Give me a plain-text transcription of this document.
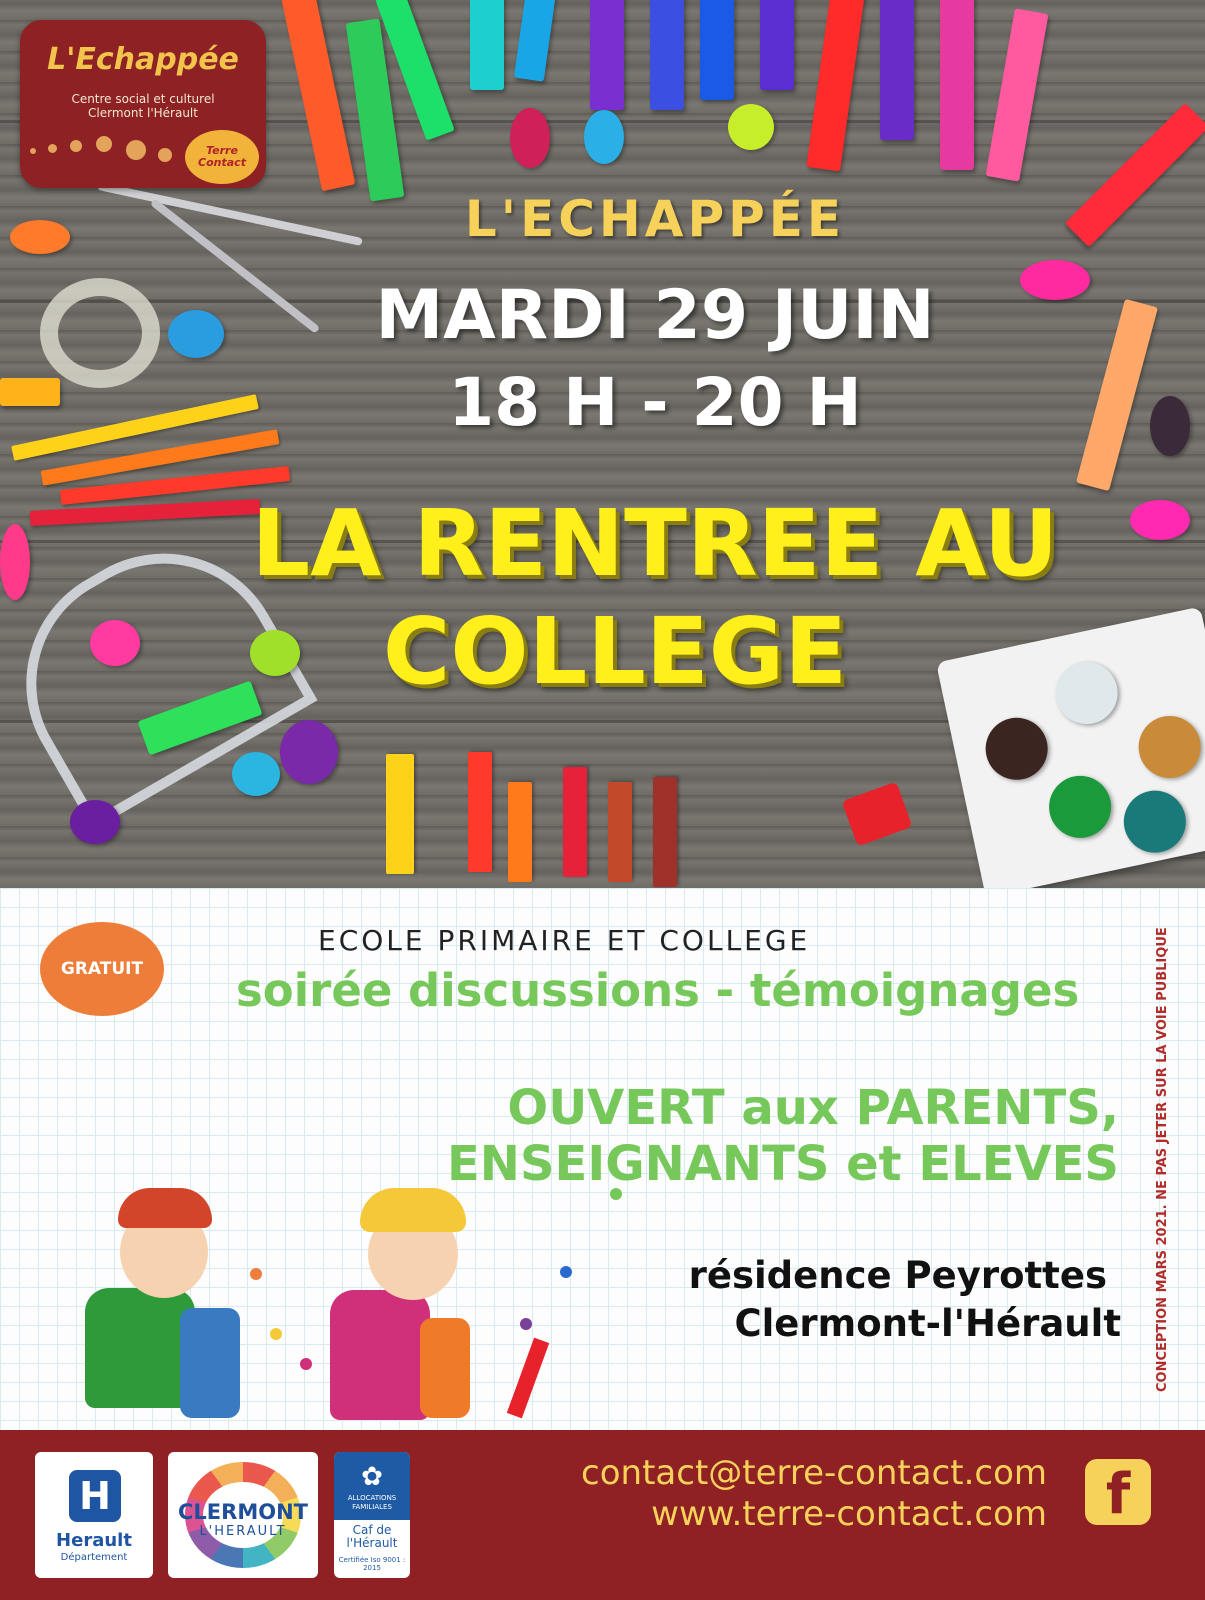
L'Echappée
Centre social et culturel
Clermont l'Hérault
Terre Contact
L'ECHAPPÉE
MARDI 29 JUIN
18 H - 20 H
LA RENTREE AU
COLLEGE
GRATUIT
ECOLE PRIMAIRE ET COLLEGE
soirée discussions - témoignages
OUVERT aux PARENTS,
ENSEIGNANTS et ELEVES
résidence Peyrottes
Clermont-l'Hérault	CONCEPTION MARS 2021. NE PAS JETER SUR LA VOIE PUBLIQUE
H
Herault
Département
CLERMONT
L'HERAULT
✿
ALLOCATIONS FAMILIALES
Caf de l'Hérault
Certifiée Iso 9001 : 2015
contact@terre-contact.com
www.terre-contact.com	f
